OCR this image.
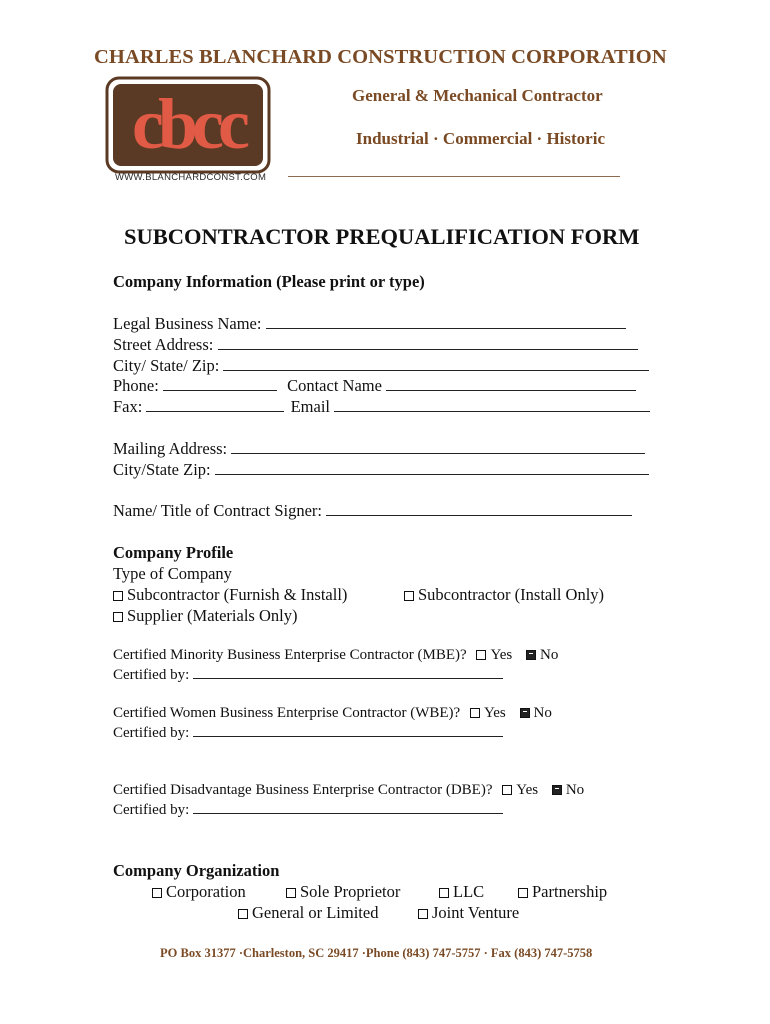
CHARLES BLANCHARD CONSTRUCTION CORPORATION
cbcc
WWW.BLANCHARDCONST.COM
General & Mechanical Contractor
Industrial · Commercial · Historic
SUBCONTRACTOR PREQUALIFICATION FORM
Company Information (Please print or type)
Legal Business Name:
Street Address:
City/ State/ Zip:
Phone:	Contact Name
Fax:	Email
Mailing Address:
City/State Zip:
Name/ Title of Contract Signer:
Company Profile
Type of Company
Subcontractor (Furnish & Install)	Subcontractor (Install Only)
Supplier (Materials Only)
Certified Minority Business Enterprise Contractor (MBE)? Yes No
Certified by:
Certified Women Business Enterprise Contractor (WBE)? Yes No
Certified by:
Certified Disadvantage Business Enterprise Contractor (DBE)? Yes No
Certified by:
Company Organization
Corporation	Sole Proprietor	LLC	Partnership
General or Limited	Joint Venture
PO Box 31377 ·Charleston, SC 29417 ·Phone (843) 747-5757 · Fax (843) 747-5758
